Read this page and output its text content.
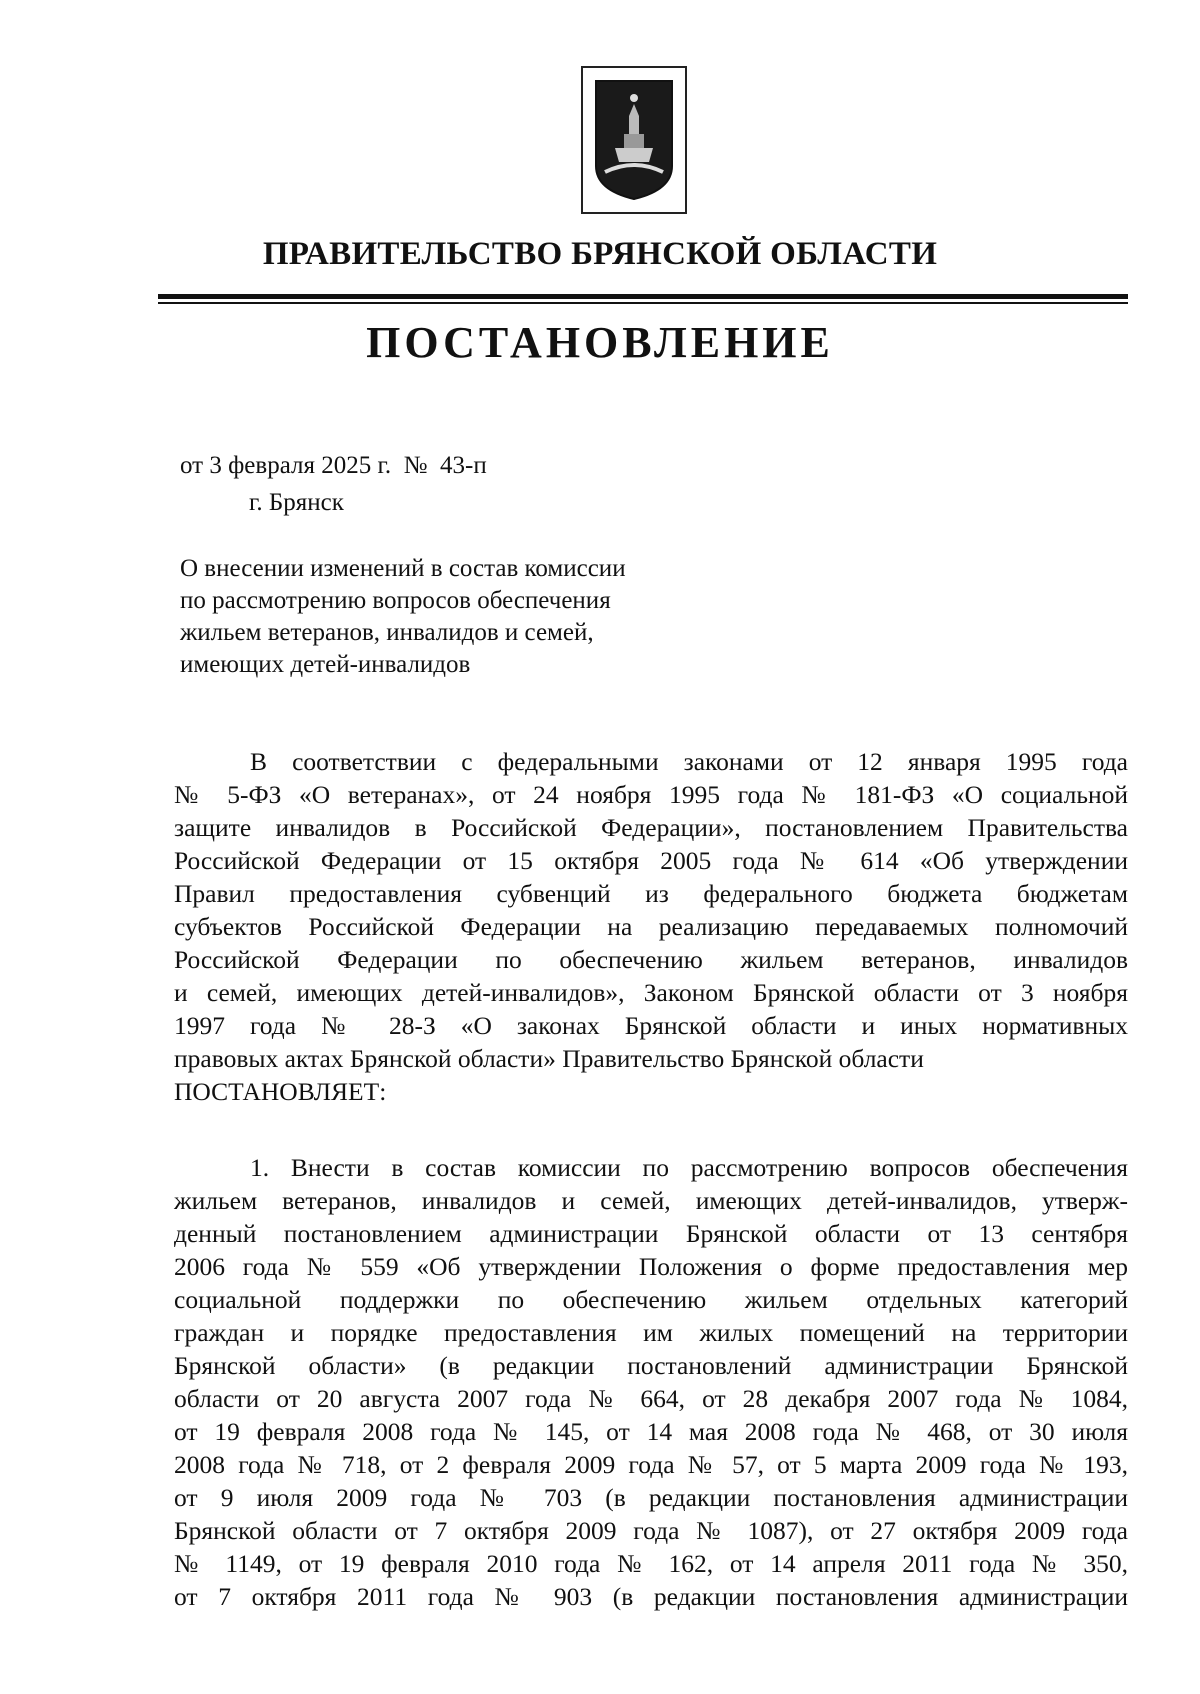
ПРАВИТЕЛЬСТВО БРЯНСКОЙ ОБЛАСТИ
ПОСТАНОВЛЕНИЕ
от 3 февраля 2025 г.  №  43-п
г. Брянск
О внесении изменений в состав комиссии
по рассмотрению вопросов обеспечения
жильем ветеранов, инвалидов и семей,
имеющих детей-инвалидов
В соответствии с федеральными законами от 12 января 1995 года
№ 5-ФЗ «О ветеранах», от 24 ноября 1995 года № 181-ФЗ «О социальной
защите инвалидов в Российской Федерации», постановлением Правительства
Российской Федерации от 15 октября 2005 года № 614 «Об утверждении
Правил предоставления субвенций из федерального бюджета бюджетам
субъектов Российской Федерации на реализацию передаваемых полномочий
Российской Федерации по обеспечению жильем ветеранов, инвалидов
и семей, имеющих детей-инвалидов», Законом Брянской области от 3 ноября
1997 года № 28-З «О законах Брянской области и иных нормативных
правовых актах Брянской области» Правительство Брянской области
ПОСТАНОВЛЯЕТ:
1. Внести в состав комиссии по рассмотрению вопросов обеспечения
жильем ветеранов, инвалидов и семей, имеющих детей-инвалидов, утверж-
денный постановлением администрации Брянской области от 13 сентября
2006 года № 559 «Об утверждении Положения о форме предоставления мер
социальной поддержки по обеспечению жильем отдельных категорий
граждан и порядке предоставления им жилых помещений на территории
Брянской области» (в редакции постановлений администрации Брянской
области от 20 августа 2007 года № 664, от 28 декабря 2007 года № 1084,
от 19 февраля 2008 года № 145, от 14 мая 2008 года № 468, от 30 июля
2008 года № 718, от 2 февраля 2009 года № 57, от 5 марта 2009 года № 193,
от 9 июля 2009 года № 703 (в редакции постановления администрации
Брянской области от 7 октября 2009 года № 1087), от 27 октября 2009 года
№ 1149, от 19 февраля 2010 года № 162, от 14 апреля 2011 года № 350,
от 7 октября 2011 года № 903 (в редакции постановления администрации
